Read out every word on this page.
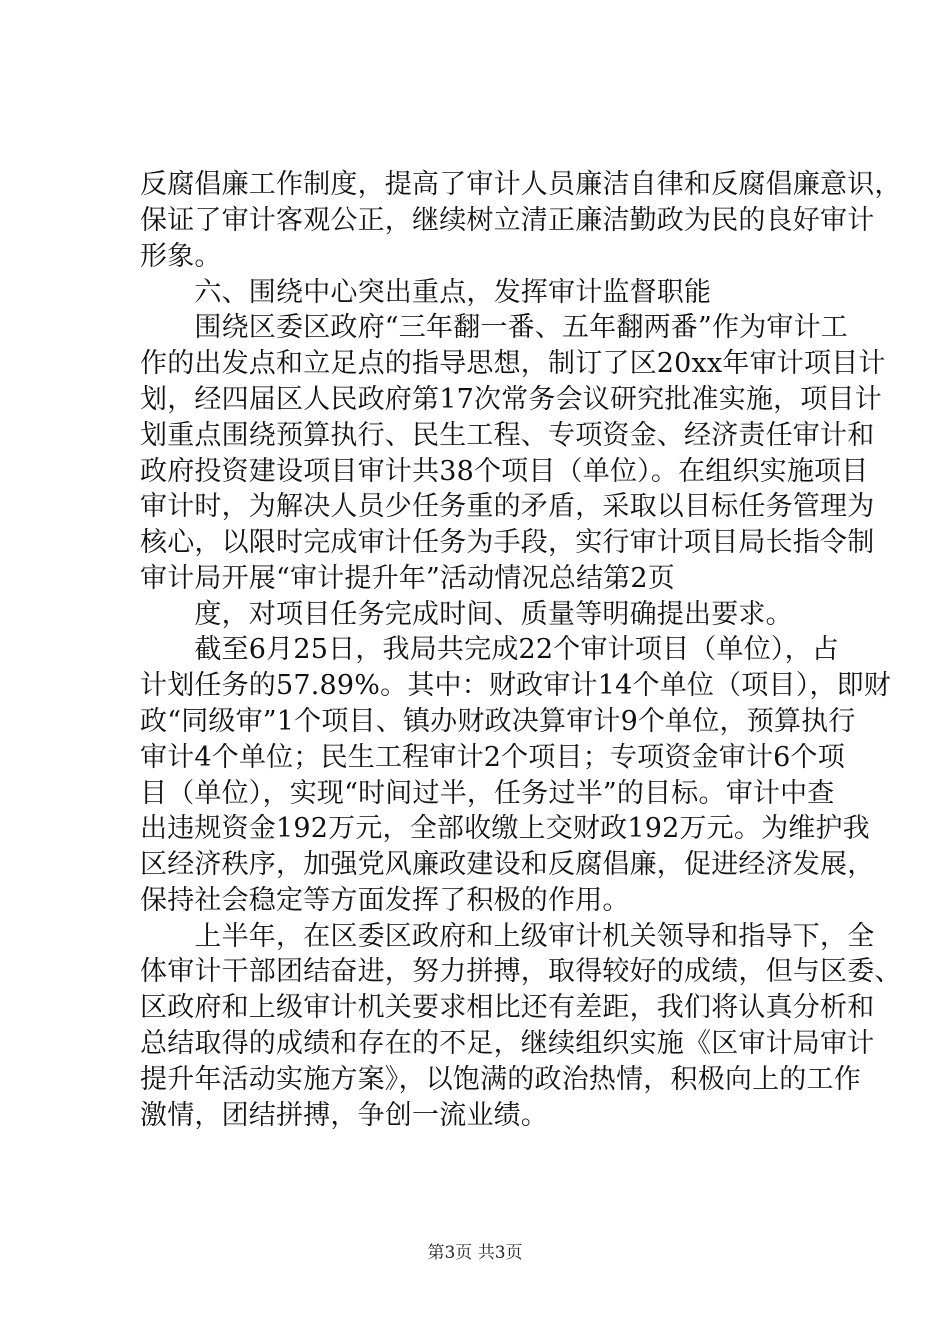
反腐倡廉工作制度，提高了审计人员廉洁自律和反腐倡廉意识，
保证了审计客观公正，继续树立清正廉洁勤政为民的良好审计
形象。
　　六、围绕中心突出重点，发挥审计监督职能
　　围绕区委区政府“三年翻一番、五年翻两番”作为审计工
作的出发点和立足点的指导思想，制订了区20xx年审计项目计
划，经四届区人民政府第17次常务会议研究批准实施，项目计
划重点围绕预算执行、民生工程、专项资金、经济责任审计和
政府投资建设项目审计共38个项目（单位）。在组织实施项目
审计时，为解决人员少任务重的矛盾，采取以目标任务管理为
核心，以限时完成审计任务为手段，实行审计项目局长指令制
审计局开展“审计提升年”活动情况总结第2页
　　度，对项目任务完成时间、质量等明确提出要求。
　　截至6月25日，我局共完成22个审计项目（单位），占
计划任务的57.89%。其中：财政审计14个单位（项目），即财
政“同级审”1个项目、镇办财政决算审计9个单位，预算执行
审计4个单位；民生工程审计2个项目；专项资金审计6个项
目（单位），实现“时间过半，任务过半”的目标。审计中查
出违规资金192万元，全部收缴上交财政192万元。为维护我
区经济秩序，加强党风廉政建设和反腐倡廉，促进经济发展，
保持社会稳定等方面发挥了积极的作用。
　　上半年，在区委区政府和上级审计机关领导和指导下，全
体审计干部团结奋进，努力拼搏，取得较好的成绩，但与区委、
区政府和上级审计机关要求相比还有差距，我们将认真分析和
总结取得的成绩和存在的不足，继续组织实施《区审计局审计
提升年活动实施方案》，以饱满的政治热情，积极向上的工作
激情，团结拼搏，争创一流业绩。
第3页 共3页
